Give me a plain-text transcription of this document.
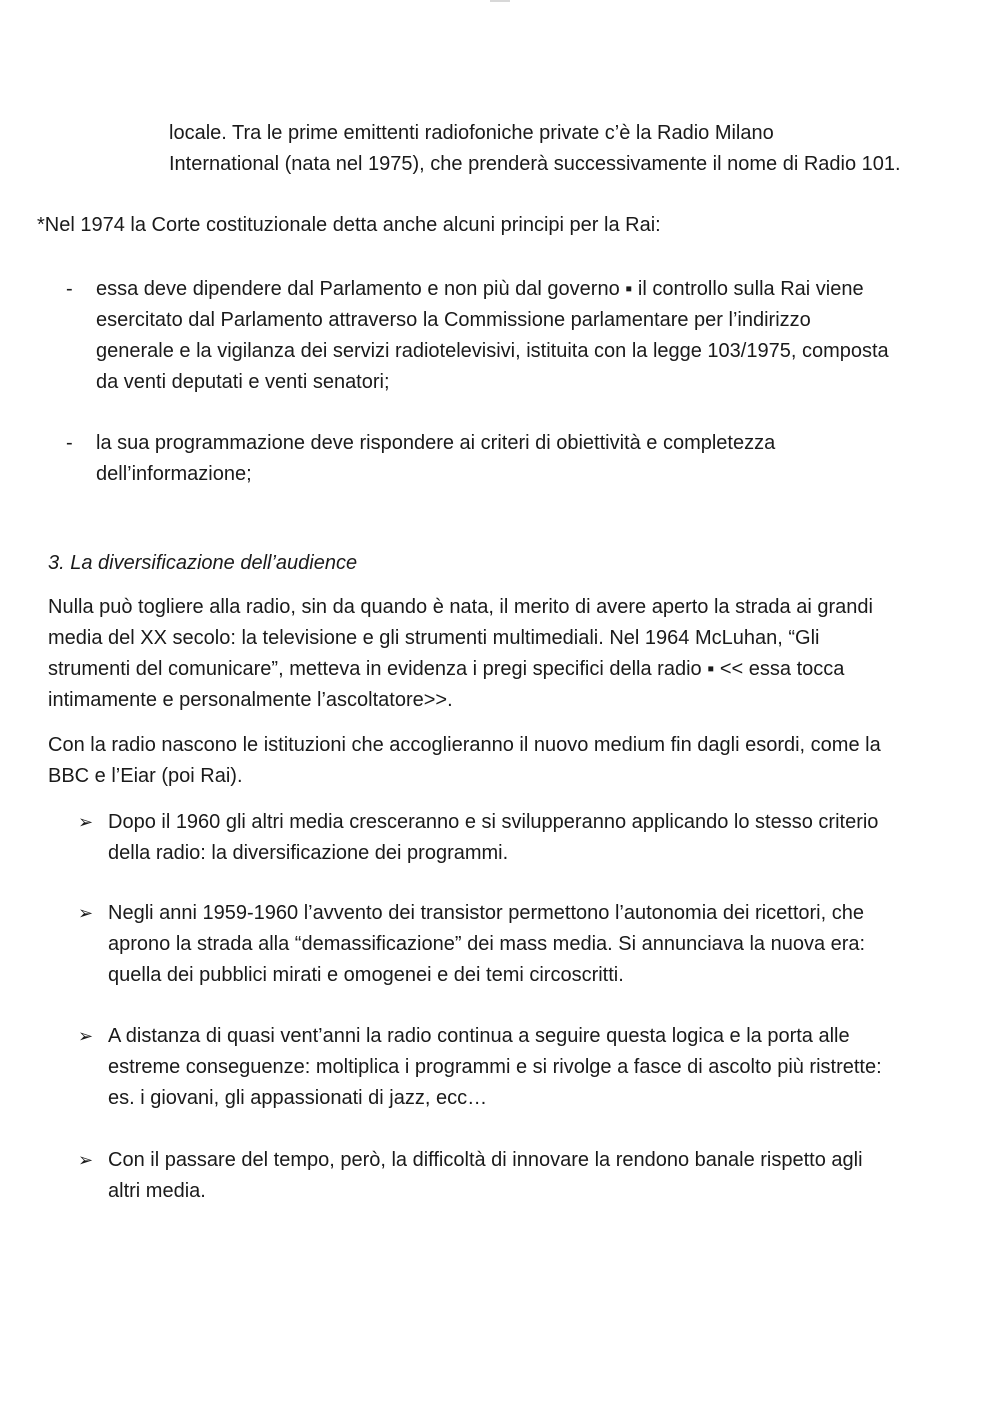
locale. Tra le prime emittenti radiofoniche private c’è la Radio Milano
International (nata nel 1975), che prenderà successivamente il nome di Radio 101.

*Nel 1974 la Corte costituzionale detta anche alcuni principi per la Rai:

-	essa deve dipendere dal Parlamento e non più dal governo ▪ il controllo sulla Rai viene
esercitato dal Parlamento attraverso la Commissione parlamentare per l’indirizzo
generale e la vigilanza dei servizi radiotelevisivi, istituita con la legge 103/1975, composta
da venti deputati e venti senatori;
-	la sua programmazione deve rispondere ai criteri di obiettività e completezza
dell’informazione;

3. La diversificazione dell’audience

Nulla può togliere alla radio, sin da quando è nata, il merito di avere aperto la strada ai grandi
media del XX secolo: la televisione e gli strumenti multimediali. Nel 1964 McLuhan, “Gli
strumenti del comunicare”, metteva in evidenza i pregi specifici della radio ▪ << essa tocca
intimamente e personalmente l’ascoltatore>>.

Con la radio nascono le istituzioni che accoglieranno il nuovo medium fin dagli esordi, come la
BBC e l’Eiar (poi Rai).

➢ Dopo il 1960 gli altri media cresceranno e si svilupperanno applicando lo stesso criterio
della radio: la diversificazione dei programmi.
➢ Negli anni 1959-1960 l’avvento dei transistor permettono l’autonomia dei ricettori, che
aprono la strada alla “demassificazione” dei mass media. Si annunciava la nuova era:
quella dei pubblici mirati e omogenei e dei temi circoscritti.
➢ A distanza di quasi vent’anni la radio continua a seguire questa logica e la porta alle
estreme conseguenze: moltiplica i programmi e si rivolge a fasce di ascolto più ristrette:
es. i giovani, gli appassionati di jazz, ecc…
➢ Con il passare del tempo, però, la difficoltà di innovare la rendono banale rispetto agli
altri media.
